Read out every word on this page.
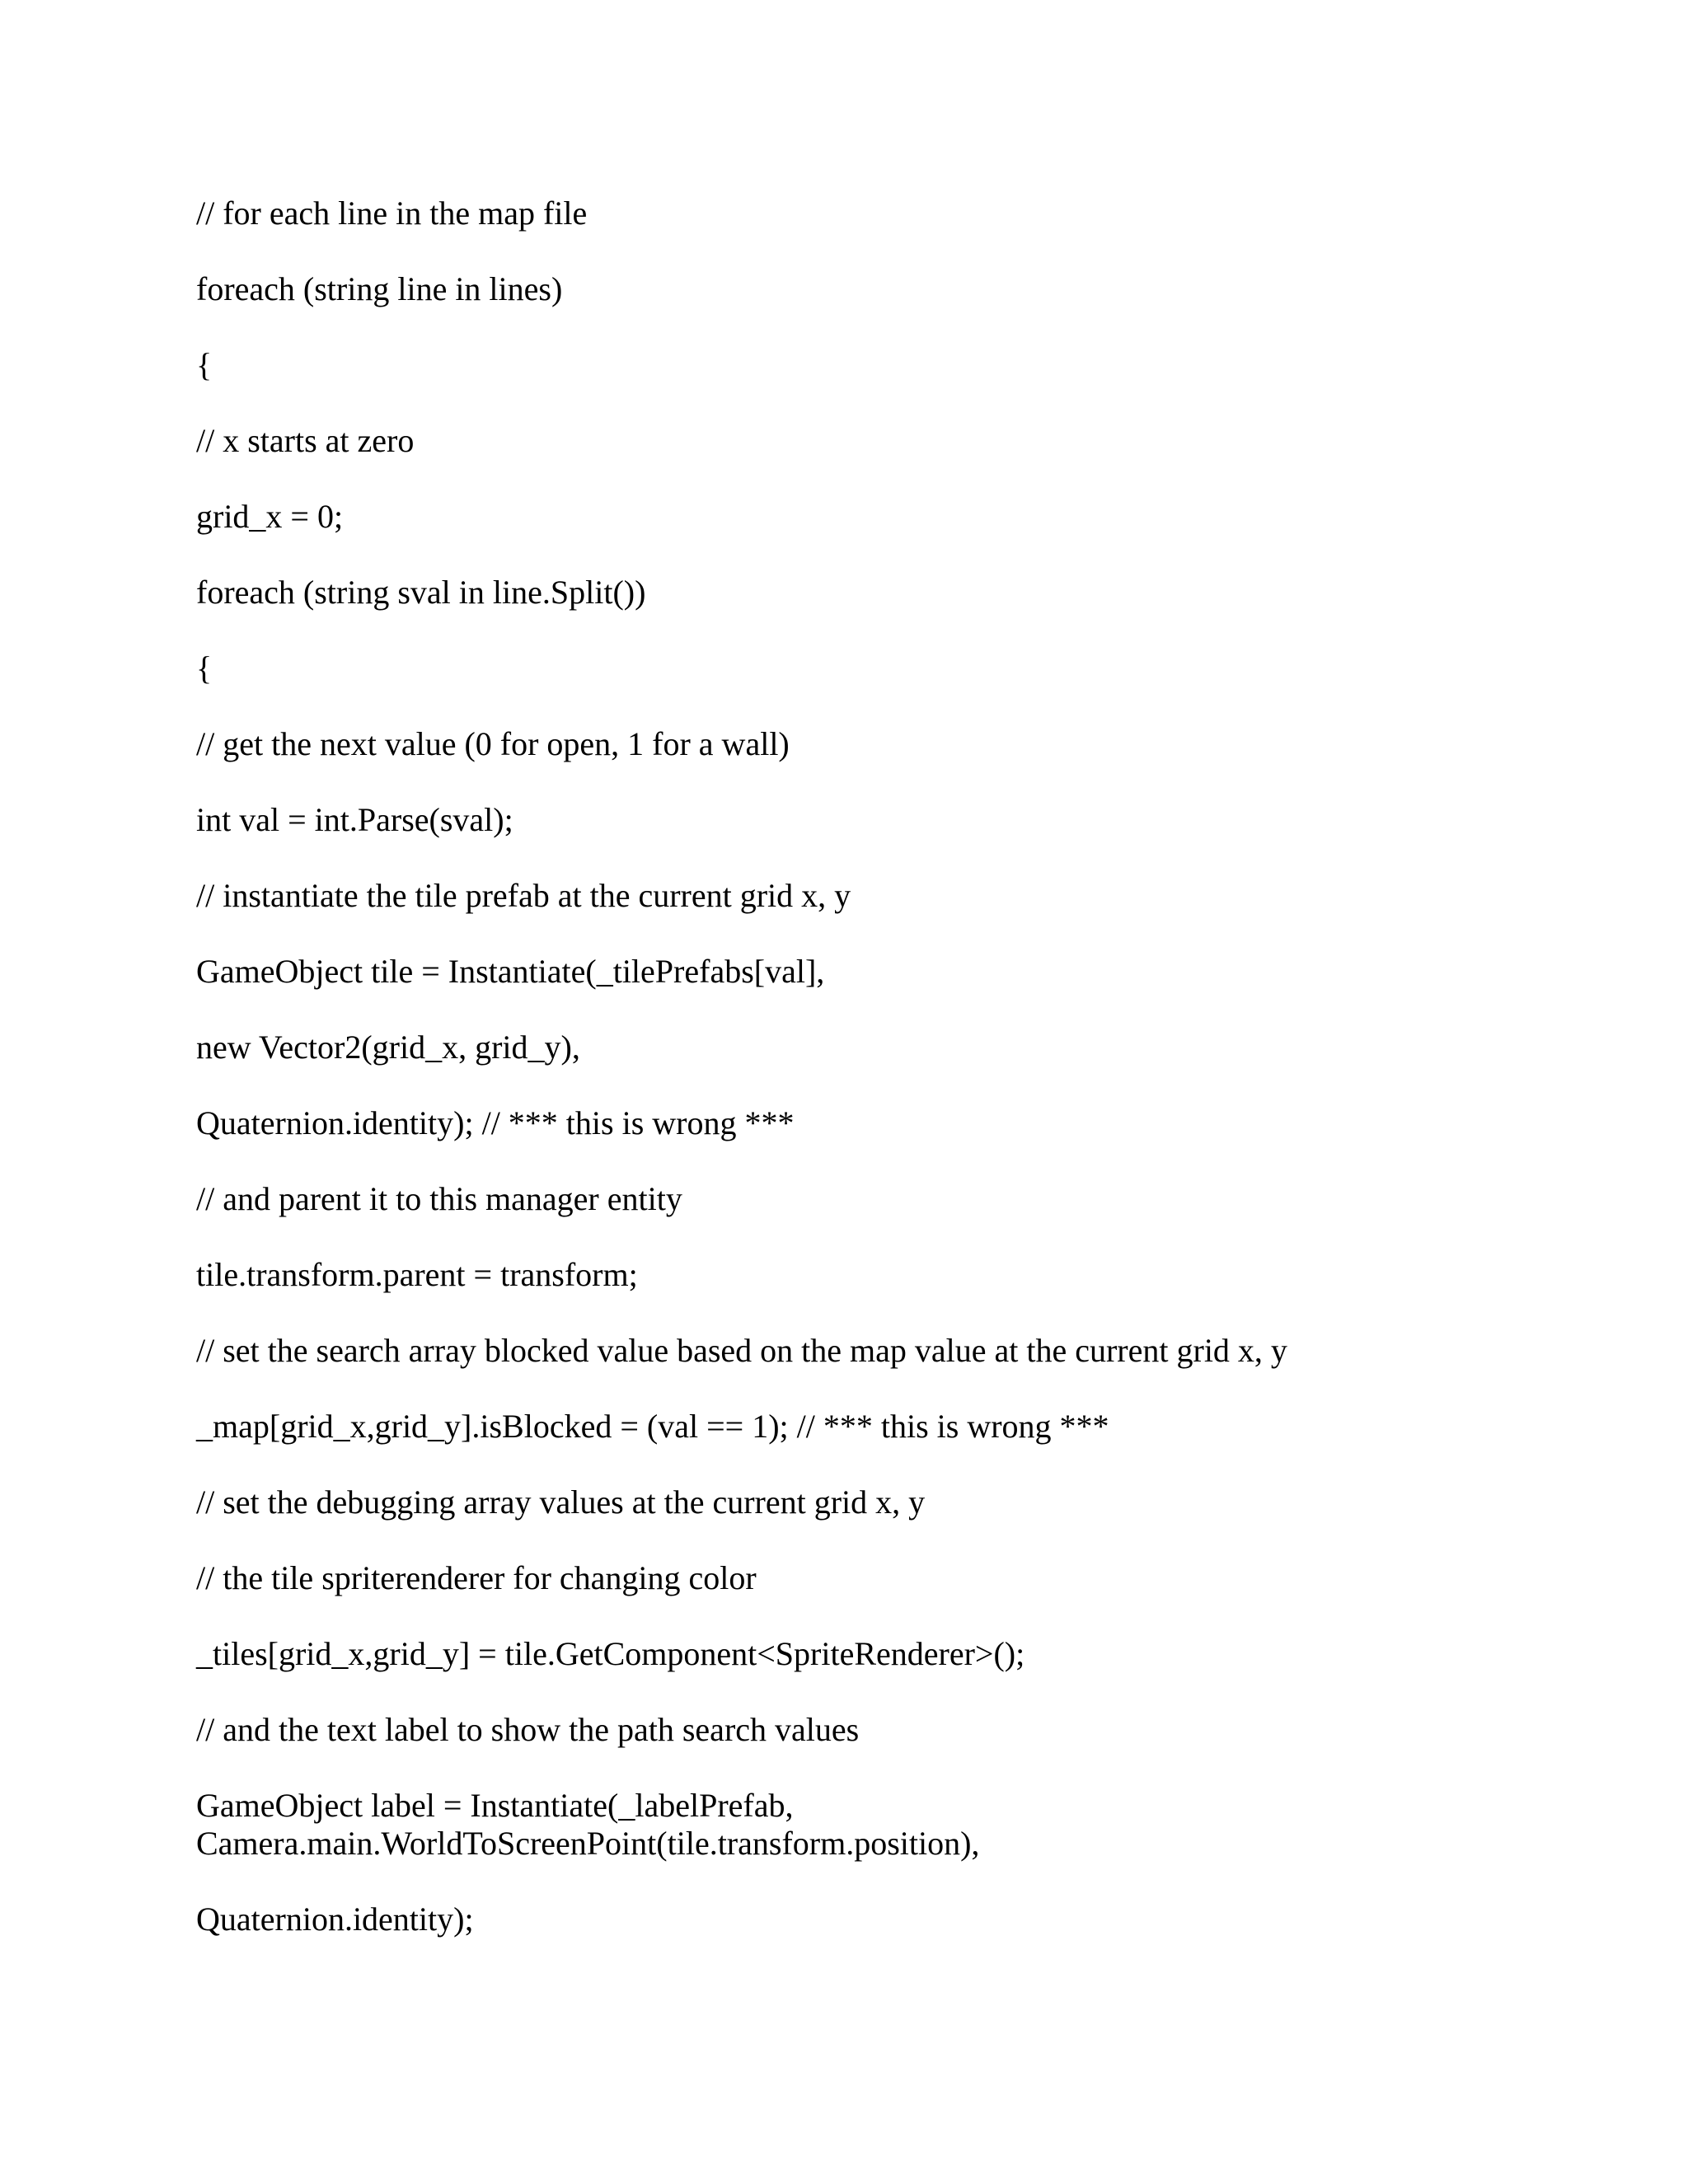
// for each line in the map file
foreach (string line in lines)
{
// x starts at zero
grid_x = 0;
foreach (string sval in line.Split())
{
// get the next value (0 for open, 1 for a wall)
int val = int.Parse(sval);
// instantiate the tile prefab at the current grid x, y
GameObject tile = Instantiate(_tilePrefabs[val],
new Vector2(grid_x, grid_y),
Quaternion.identity); // *** this is wrong ***
// and parent it to this manager entity
tile.transform.parent = transform;
// set the search array blocked value based on the map value at the current grid x, y
_map[grid_x,grid_y].isBlocked = (val == 1); // *** this is wrong ***
// set the debugging array values at the current grid x, y
// the tile spriterenderer for changing color
_tiles[grid_x,grid_y] = tile.GetComponent<SpriteRenderer>();
// and the text label to show the path search values
GameObject label = Instantiate(_labelPrefab,
Camera.main.WorldToScreenPoint(tile.transform.position),
Quaternion.identity);
